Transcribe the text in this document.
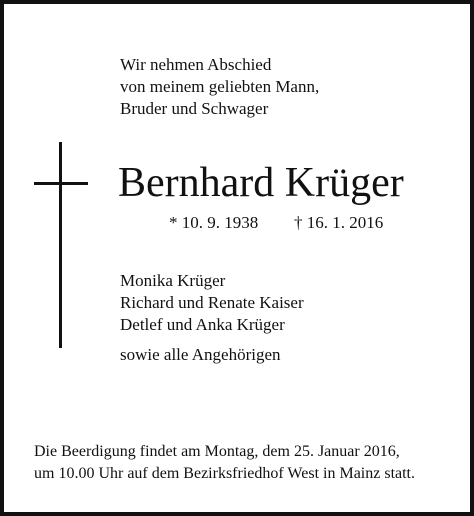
Wir nehmen Abschied
von meinem geliebten Mann,
Bruder und Schwager
Bernhard Krüger
* 10. 9. 1938 † 16. 1. 2016
Monika Krüger
Richard und Renate Kaiser
Detlef und Anka Krüger
sowie alle Angehörigen
Die Beerdigung findet am Montag, dem 25. Januar 2016,
um 10.00 Uhr auf dem Bezirksfriedhof West in Mainz statt.
